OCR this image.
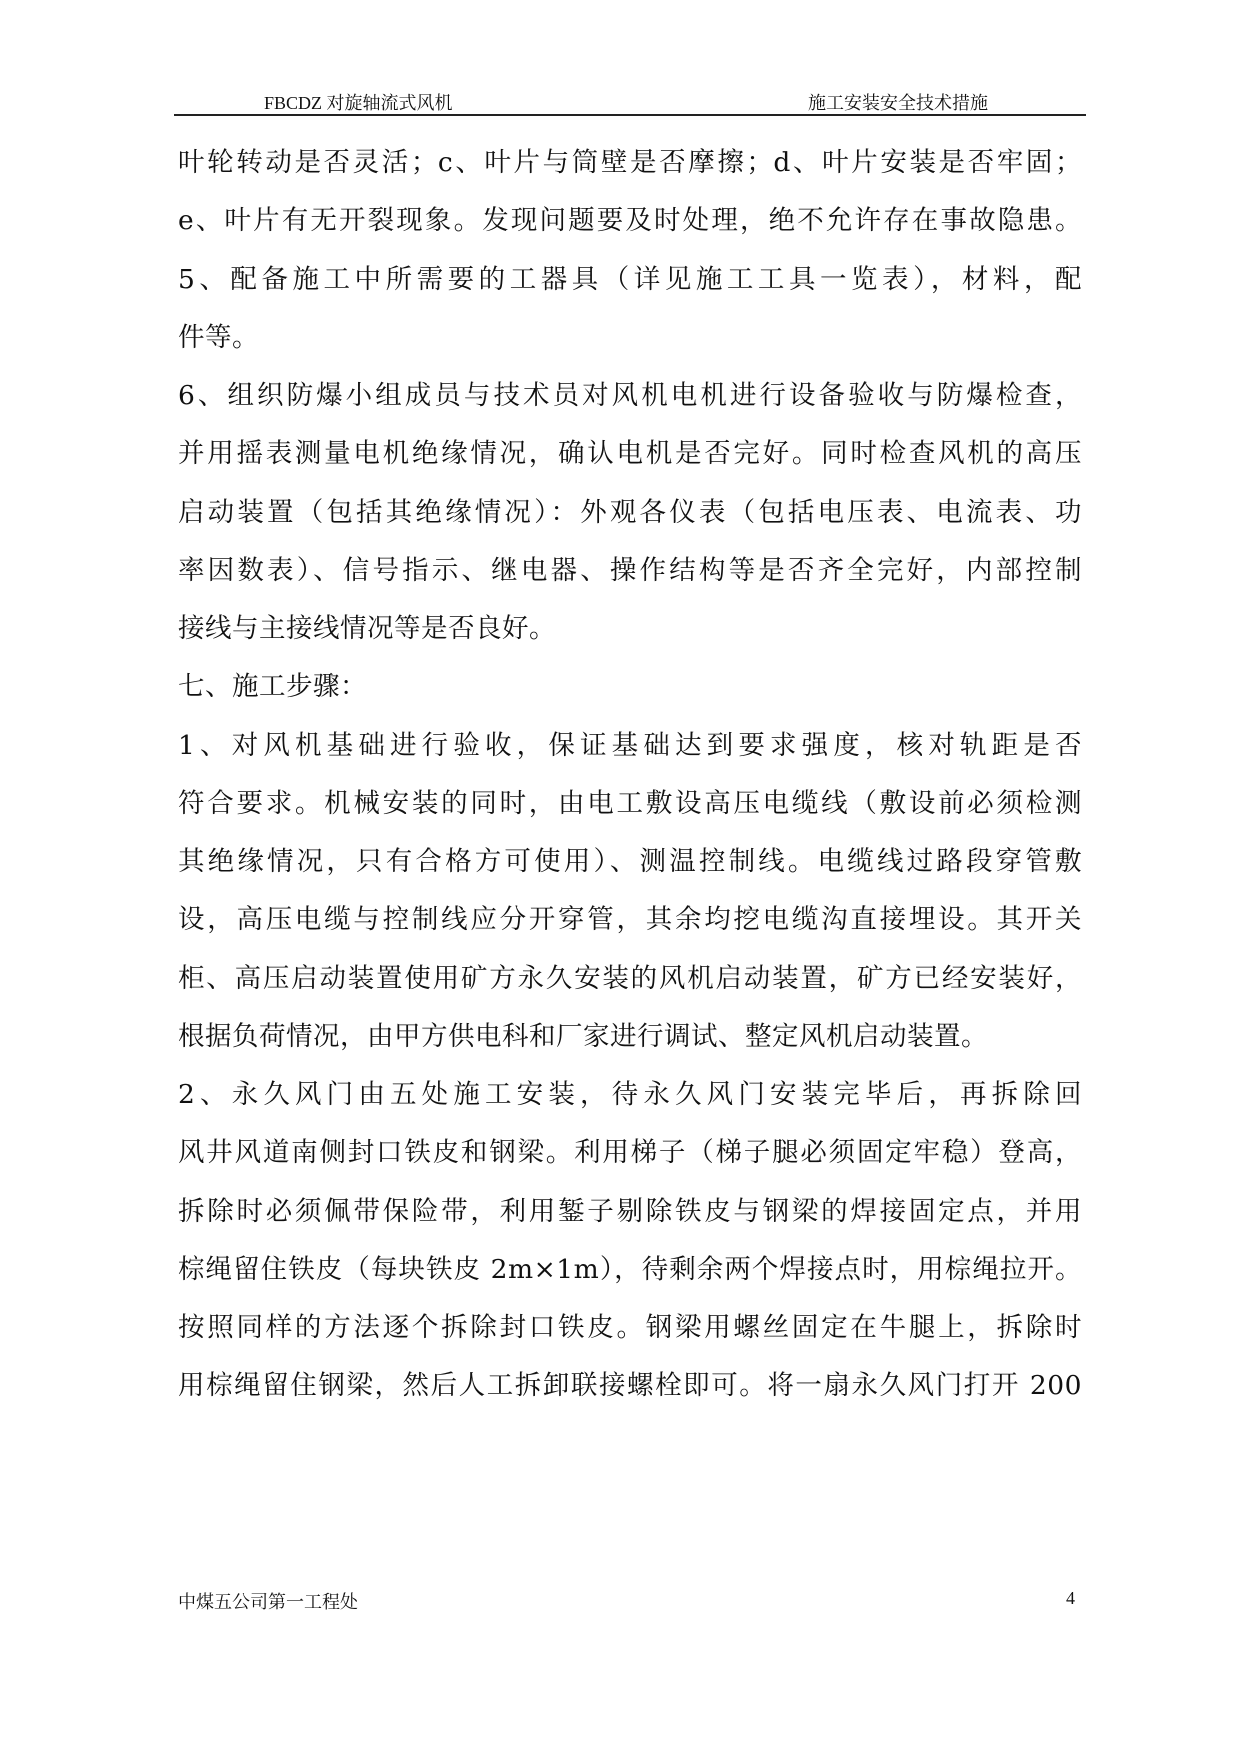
FBCDZ 对旋轴流式风机	施工安装安全技术措施
叶轮转动是否灵活；c、叶片与筒壁是否摩擦；d、叶片安装是否牢固；
e、叶片有无开裂现象。发现问题要及时处理，绝不允许存在事故隐患。
5、配备施工中所需要的工器具（详见施工工具一览表），材料，配
件等。
6、组织防爆小组成员与技术员对风机电机进行设备验收与防爆检查，
并用摇表测量电机绝缘情况，确认电机是否完好。同时检查风机的高压
启动装置（包括其绝缘情况）：外观各仪表（包括电压表、电流表、功
率因数表）、信号指示、继电器、操作结构等是否齐全完好，内部控制
接线与主接线情况等是否良好。
七、施工步骤：
1、对风机基础进行验收，保证基础达到要求强度，核对轨距是否
符合要求。机械安装的同时，由电工敷设高压电缆线（敷设前必须检测
其绝缘情况，只有合格方可使用）、测温控制线。电缆线过路段穿管敷
设，高压电缆与控制线应分开穿管，其余均挖电缆沟直接埋设。其开关
柜、高压启动装置使用矿方永久安装的风机启动装置，矿方已经安装好，
根据负荷情况，由甲方供电科和厂家进行调试、整定风机启动装置。
2、永久风门由五处施工安装，待永久风门安装完毕后，再拆除回
风井风道南侧封口铁皮和钢梁。利用梯子（梯子腿必须固定牢稳）登高，
拆除时必须佩带保险带，利用錾子剔除铁皮与钢梁的焊接固定点，并用
棕绳留住铁皮（每块铁皮 2m×1m），待剩余两个焊接点时，用棕绳拉开。
按照同样的方法逐个拆除封口铁皮。钢梁用螺丝固定在牛腿上，拆除时
用棕绳留住钢梁，然后人工拆卸联接螺栓即可。将一扇永久风门打开 200
中煤五公司第一工程处	4
